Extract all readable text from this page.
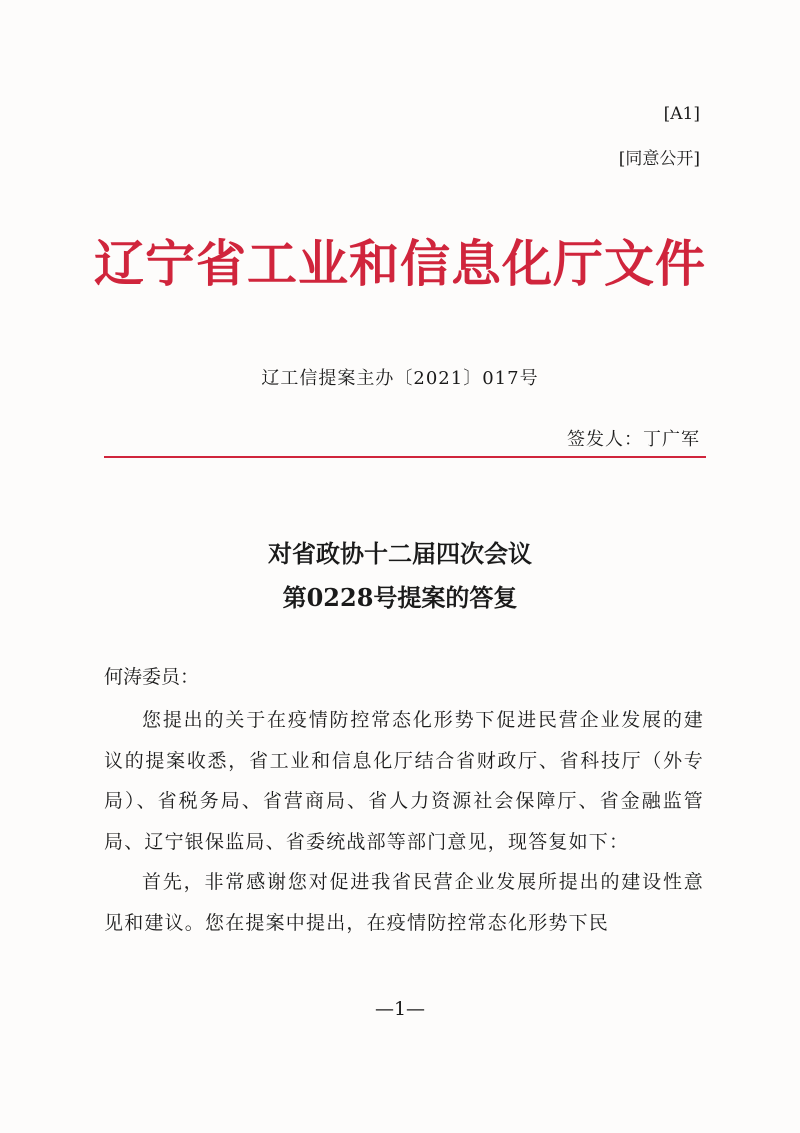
[A1]
[同意公开]
辽宁省工业和信息化厅文件
辽工信提案主办〔2021〕017号
签发人：丁广军
对省政协十二届四次会议
第0228号提案的答复
何涛委员：

您提出的关于在疫情防控常态化形势下促进民营企业发展的建议的提案收悉，省工业和信息化厅结合省财政厅、省科技厅（外专局）、省税务局、省营商局、省人力资源社会保障厅、省金融监管局、辽宁银保监局、省委统战部等部门意见，现答复如下：

首先，非常感谢您对促进我省民营企业发展所提出的建设性意见和建议。您在提案中提出，在疫情防控常态化形势下民

—1—
